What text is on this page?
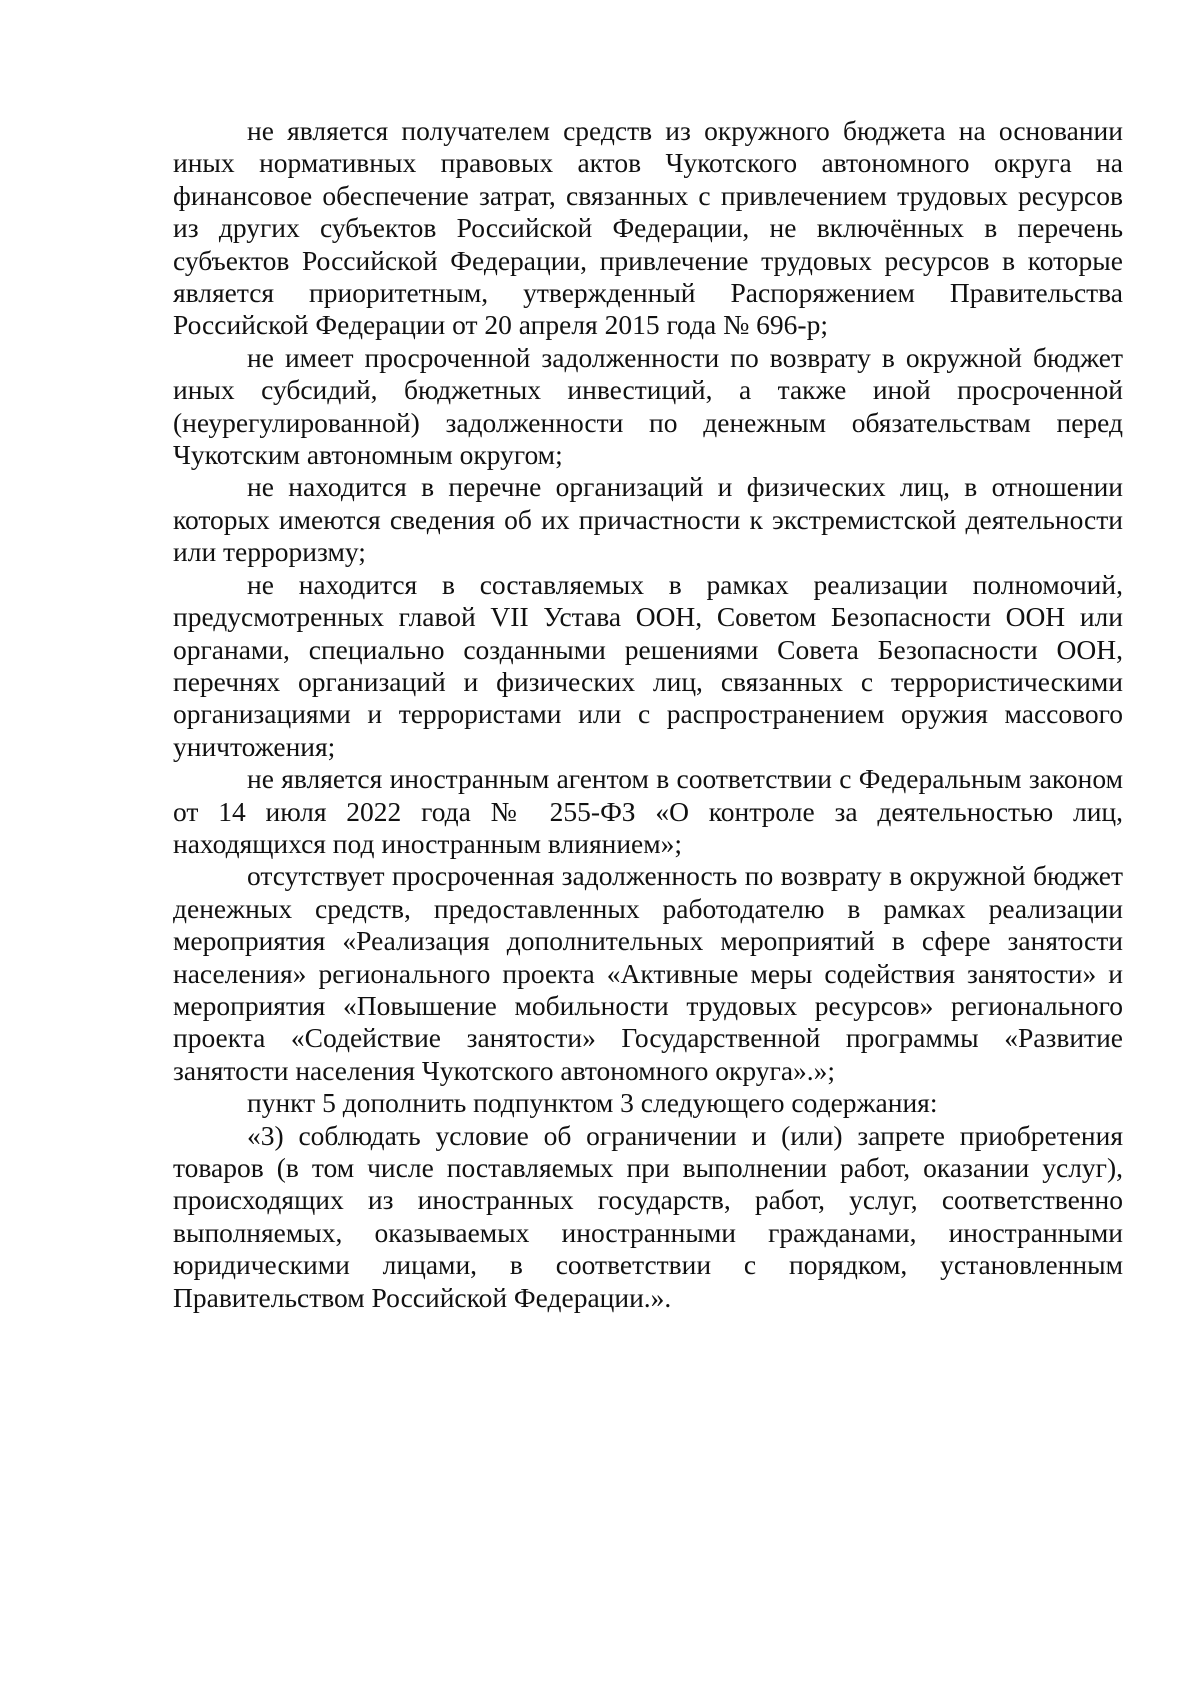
не является получателем средств из окружного бюджета на основании иных нормативных правовых актов Чукотского автономного округа на финансовое обеспечение затрат, связанных с привлечением трудовых ресурсов из других субъектов Российской Федерации, не включённых в перечень субъектов Российской Федерации, привлечение трудовых ресурсов в которые является приоритетным, утвержденный Распоряжением Правительства Российской Федерации от 20 апреля 2015 года № 696-р;

не имеет просроченной задолженности по возврату в окружной бюджет иных субсидий, бюджетных инвестиций, а также иной просроченной (неурегулированной) задолженности по денежным обязательствам перед Чукотским автономным округом;

не находится в перечне организаций и физических лиц, в отношении которых имеются сведения об их причастности к экстремистской деятельности или терроризму;

не находится в составляемых в рамках реализации полномочий, предусмотренных главой VII Устава ООН, Советом Безопасности ООН или органами, специально созданными решениями Совета Безопасности ООН, перечнях организаций и физических лиц, связанных с террористическими организациями и террористами или с распространением оружия массового уничтожения;

не является иностранным агентом в соответствии с Федеральным законом от 14 июля 2022 года № 255-ФЗ «О контроле за деятельностью лиц, находящихся под иностранным влиянием»;

отсутствует просроченная задолженность по возврату в окружной бюджет денежных средств, предоставленных работодателю в рамках реализации мероприятия «Реализация дополнительных мероприятий в сфере занятости населения» регионального проекта «Активные меры содействия занятости» и мероприятия «Повышение мобильности трудовых ресурсов» регионального проекта «Содействие занятости» Государственной программы «Развитие занятости населения Чукотского автономного округа».»;

пункт 5 дополнить подпунктом 3 следующего содержания:

«3) соблюдать условие об ограничении и (или) запрете приобретения товаров (в том числе поставляемых при выполнении работ, оказании услуг), происходящих из иностранных государств, работ, услуг, соответственно выполняемых, оказываемых иностранными гражданами, иностранными юридическими лицами, в соответствии с порядком, установленным Правительством Российской Федерации.».
